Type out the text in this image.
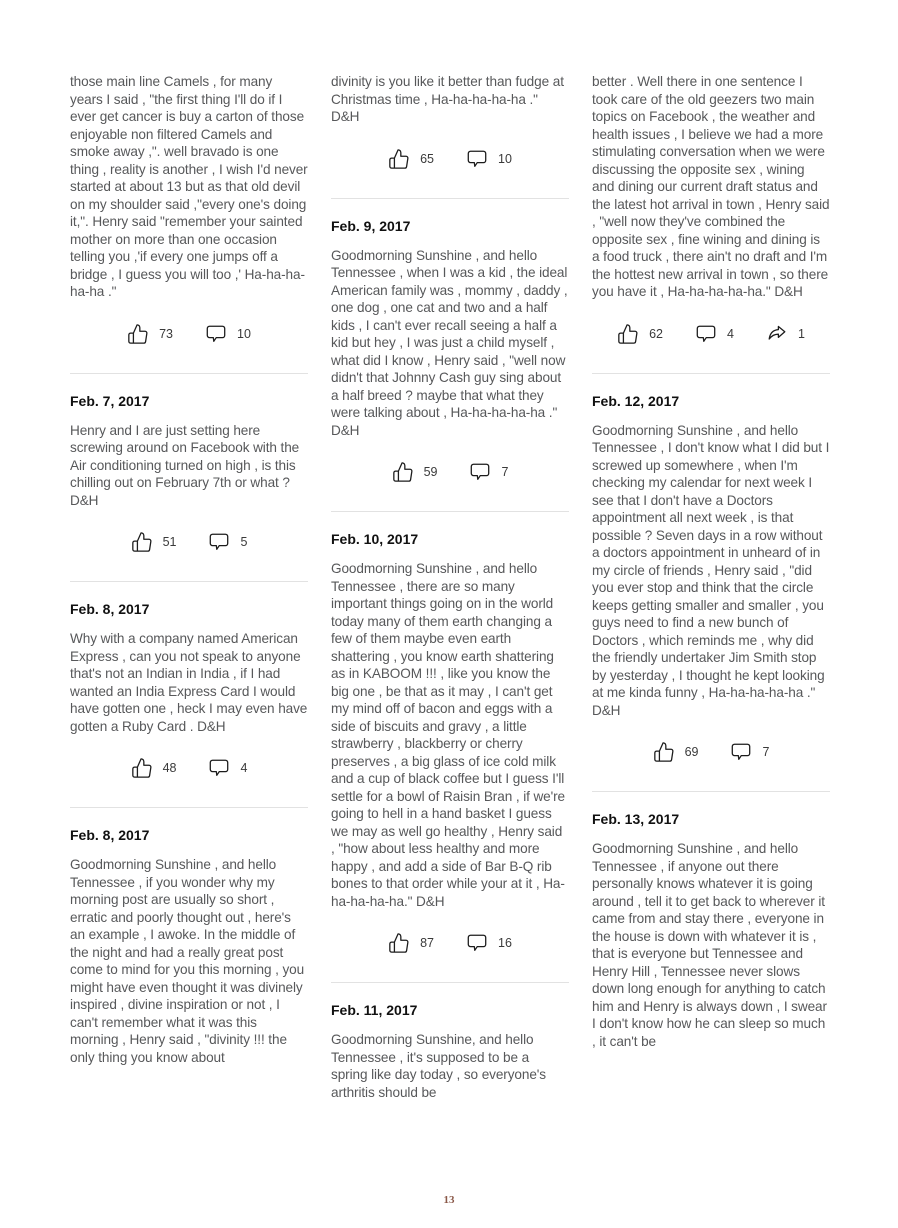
those main line Camels , for many years I said , "the first thing I'll do if I ever get cancer is buy a carton of those enjoyable non filtered Camels and smoke away ,". well bravado is one thing , reality is another , I wish I'd never started at about 13 but as that old devil on my shoulder said ,"every one's doing it,". Henry said "remember your sainted mother on more than one occasion telling you ,'if every one jumps off a bridge , I guess you will too ,' Ha-ha-ha-ha-ha ."

73	10
Feb. 7, 2017

Henry and I are just setting here screwing around on Facebook with the Air conditioning turned on high , is this chilling out on February 7th or what ? D&H

51	5
Feb. 8, 2017

Why with a company named American Express , can you not speak to anyone that's not an Indian in India , if I had wanted an India Express Card I would have gotten one , heck I may even have gotten a Ruby Card . D&H

48	4
Feb. 8, 2017

Goodmorning Sunshine , and hello Tennessee , if you wonder why my morning post are usually so short , erratic and poorly thought out , here's an example , I awoke. In the middle of the night and had a really great post come to mind for you this morning , you might have even thought it was divinely inspired , divine inspiration or not , I can't remember what it was this morning , Henry said , "divinity !!! the only thing you know about

divinity is you like it better than fudge at Christmas time , Ha-ha-ha-ha-ha ." D&H

65	10
Feb. 9, 2017

Goodmorning Sunshine , and hello Tennessee , when I was a kid , the ideal American family was , mommy , daddy , one dog , one cat and two and a half kids , I can't ever recall seeing a half a kid but hey , I was just a child myself , what did I know , Henry said , "well now didn't that Johnny Cash guy sing about a half breed ? maybe that what they were talking about , Ha-ha-ha-ha-ha ." D&H

59	7
Feb. 10, 2017

Goodmorning Sunshine , and hello Tennessee , there are so many important things going on in the world today many of them earth changing a few of them maybe even earth shattering , you know earth shattering as in KABOOM !!! , like you know the big one , be that as it may , I can't get my mind off of bacon and eggs with a side of biscuits and gravy , a little strawberry , blackberry or cherry preserves , a big glass of ice cold milk and a cup of black coffee but I guess I'll settle for a bowl of Raisin Bran , if we're going to hell in a hand basket I guess we may as well go healthy , Henry said , "how about less healthy and more happy , and add a side of Bar B-Q rib bones to that order while your at it , Ha-ha-ha-ha-ha." D&H

87	16
Feb. 11, 2017

Goodmorning Sunshine, and hello Tennessee , it's supposed to be a spring like day today , so everyone's arthritis should be

better . Well there in one sentence I took care of the old geezers two main topics on Facebook , the weather and health issues , I believe we had a more stimulating conversation when we were discussing the opposite sex , wining and dining our current draft status and the latest hot arrival in town , Henry said , "well now they've combined the opposite sex , fine wining and dining is a food truck , there ain't no draft and I'm the hottest new arrival in town , so there you have it , Ha-ha-ha-ha-ha." D&H

62	4	1
Feb. 12, 2017

Goodmorning Sunshine , and hello Tennessee , I don't know what I did but I screwed up somewhere , when I'm checking my calendar for next week I see that I don't have a Doctors appointment all next week , is that possible ? Seven days in a row without a doctors appointment in unheard of in my circle of friends , Henry said , "did you ever stop and think that the circle keeps getting smaller and smaller , you guys need to find a new bunch of Doctors , which reminds me , why did the friendly undertaker Jim Smith stop by yesterday , I thought he kept looking at me kinda funny , Ha-ha-ha-ha-ha ." D&H

69	7
Feb. 13, 2017

Goodmorning Sunshine , and hello Tennessee , if anyone out there personally knows whatever it is going around , tell it to get back to wherever it came from and stay there , everyone in the house is down with whatever it is , that is everyone but Tennessee and Henry Hill , Tennessee never slows down long enough for anything to catch him and Henry is always down , I swear I don't know how he can sleep so much , it can't be

13
